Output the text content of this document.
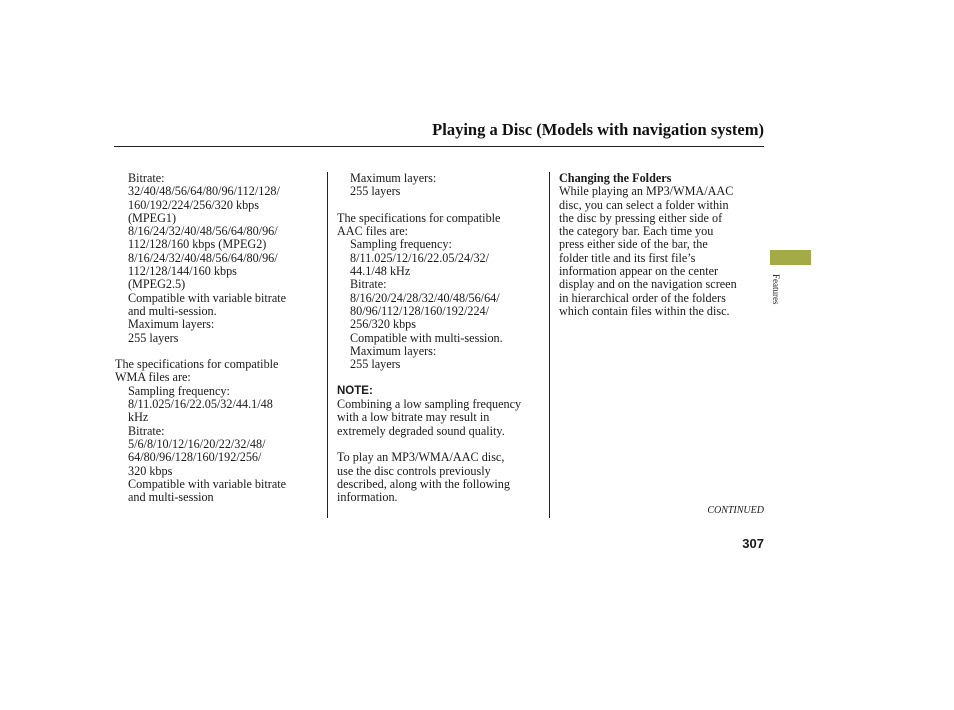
Playing a Disc (Models with navigation system)
Bitrate:
32/40/48/56/64/80/96/112/128/
160/192/224/256/320 kbps
(MPEG1)
8/16/24/32/40/48/56/64/80/96/
112/128/160 kbps (MPEG2)
8/16/24/32/40/48/56/64/80/96/
112/128/144/160 kbps
(MPEG2.5)
Compatible with variable bitrate
and multi-session.
Maximum layers:
255 layers
The specifications for compatible
WMA files are:
Sampling frequency:
8/11.025/16/22.05/32/44.1/48
kHz
Bitrate:
5/6/8/10/12/16/20/22/32/48/
64/80/96/128/160/192/256/
320 kbps
Compatible with variable bitrate
and multi-session
Maximum layers:
255 layers
The specifications for compatible
AAC files are:
Sampling frequency:
8/11.025/12/16/22.05/24/32/
44.1/48 kHz
Bitrate:
8/16/20/24/28/32/40/48/56/64/
80/96/112/128/160/192/224/
256/320 kbps
Compatible with multi-session.
Maximum layers:
255 layers
NOTE:
Combining a low sampling frequency
with a low bitrate may result in
extremely degraded sound quality.
To play an MP3/WMA/AAC disc,
use the disc controls previously
described, along with the following
information.
Changing the Folders
While playing an MP3/WMA/AAC
disc, you can select a folder within
the disc by pressing either side of
the category bar. Each time you
press either side of the bar, the
folder title and its first file’s
information appear on the center
display and on the navigation screen
in hierarchical order of the folders
which contain files within the disc.
Features
CONTINUED
307
